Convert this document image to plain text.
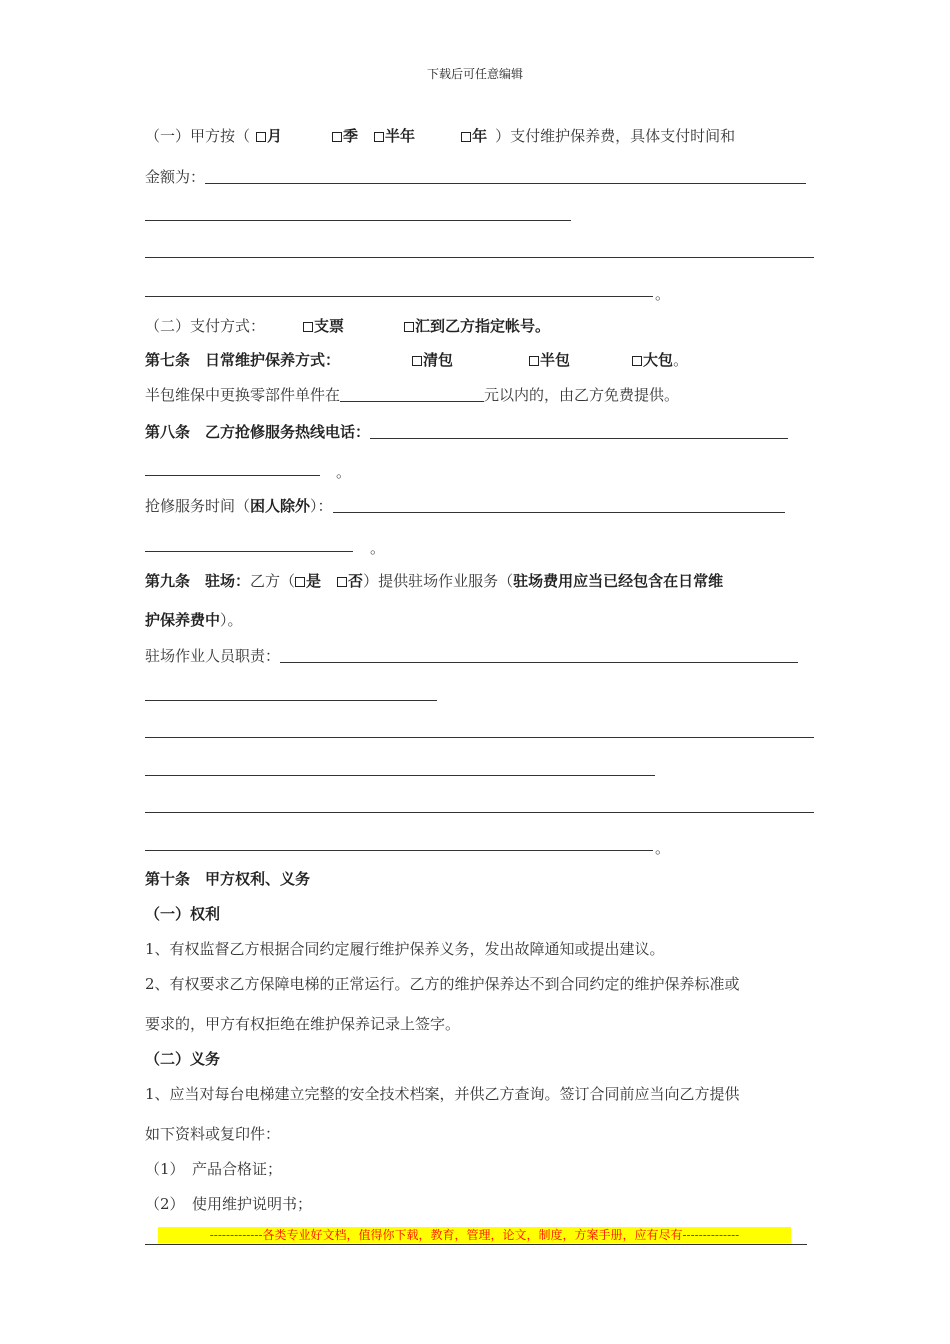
下载后可任意编辑
（一）甲方按（ 月	季 半年	年 ）支付维护保养费，具体支付时间和
金额为：
。
（二）支付方式：	支票	汇到乙方指定帐号。
第七条　日常维护保养方式：	清包	半包	大包。
半包维保中更换零部件单件在	元以内的，由乙方免费提供。
第八条　乙方抢修服务热线电话：
。
抢修服务时间（困人除外）：
。
第九条　驻场：乙方（ 是 否）提供驻场作业服务（驻场费用应当已经包含在日常维
护保养费中）。
驻场作业人员职责：
。
第十条　甲方权利、义务
（一）权利
1、有权监督乙方根据合同约定履行维护保养义务，发出故障通知或提出建议。
2、有权要求乙方保障电梯的正常运行。乙方的维护保养达不到合同约定的维护保养标准或
要求的，甲方有权拒绝在维护保养记录上签字。
（二）义务
1、应当对每台电梯建立完整的安全技术档案，并供乙方查询。签订合同前应当向乙方提供
如下资料或复印件：
（1）　产品合格证；
（2）　使用维护说明书；
-------------各类专业好文档，值得你下载，教育，管理，论文，制度，方案手册，应有尽有--------------
